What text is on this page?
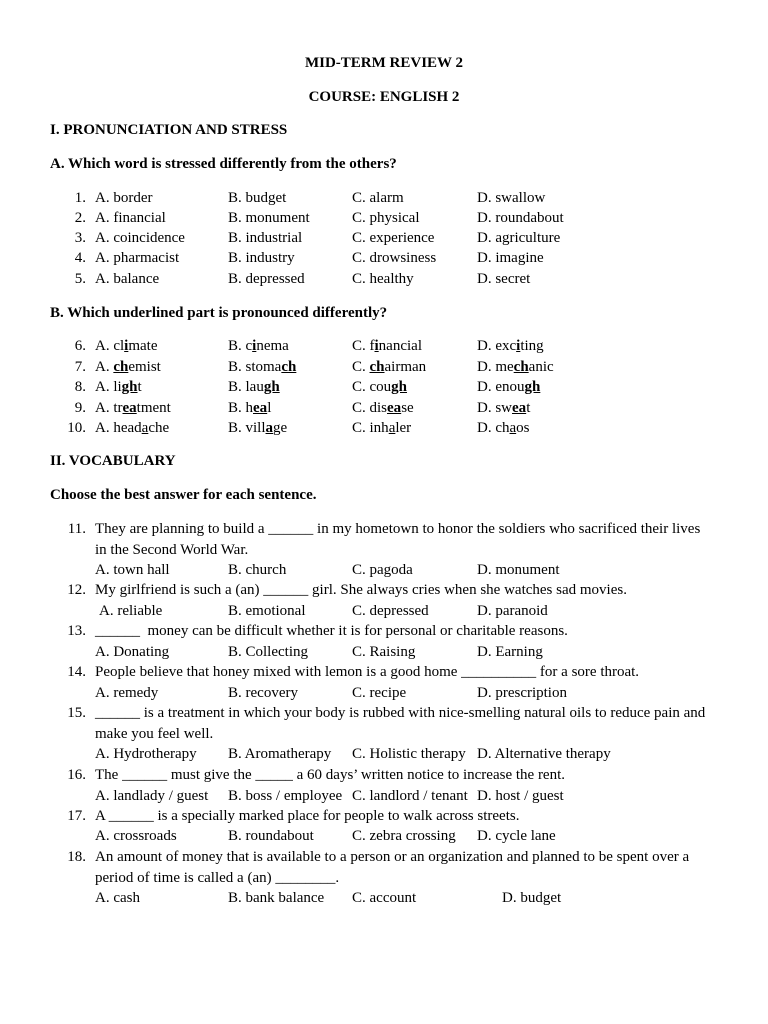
MID-TERM REVIEW 2
COURSE: ENGLISH 2
I. PRONUNCIATION AND STRESS
A. Which word is stressed differently from the others?
1. A. border	B. budget	C. alarm	D. swallow
2. A. financial	B. monument	C. physical	D. roundabout
3. A. coincidence	B. industrial	C. experience	D. agriculture
4. A. pharmacist	B. industry	C. drowsiness	D. imagine
5. A. balance	B. depressed	C. healthy	D. secret
B. Which underlined part is pronounced differently?
6. A. climate	B. cinema	C. financial	D. exciting
7. A. chemist	B. stomach	C. chairman	D. mechanic
8. A. light	B. laugh	C. cough	D. enough
9. A. treatment	B. heal	C. disease	D. sweat
10. A. headache	B. village	C. inhaler	D. chaos
II. VOCABULARY
Choose the best answer for each sentence.
11. They are planning to build a ______ in my hometown to honor the soldiers who sacrificed their lives in the Second World War.
A. town hall	B. church	C. pagoda	D. monument
12. My girlfriend is such a (an) ______ girl. She always cries when she watches sad movies.
A. reliable	B. emotional	C. depressed	D. paranoid
13. ______  money can be difficult whether it is for personal or charitable reasons.
A. Donating	B. Collecting	C. Raising	D. Earning
14. People believe that honey mixed with lemon is a good home __________ for a sore throat.
A. remedy	B. recovery	C. recipe	D. prescription
15. ______ is a treatment in which your body is rubbed with nice-smelling natural oils to reduce pain and make you feel well.
A. Hydrotherapy B. Aromatherapy C. Holistic therapy D. Alternative therapy
16. The ______ must give the _____ a 60 days’ written notice to increase the rent.
A. landlady / guest B. boss / employee C. landlord / tenant D. host / guest
17. A ______ is a specially marked place for people to walk across streets.
A. crossroads	B. roundabout	C. zebra crossing D. cycle lane
18. An amount of money that is available to a person or an organization and planned to be spent over a period of time is called a (an) ________.
A. cash	B. bank balance C. account	D. budget
